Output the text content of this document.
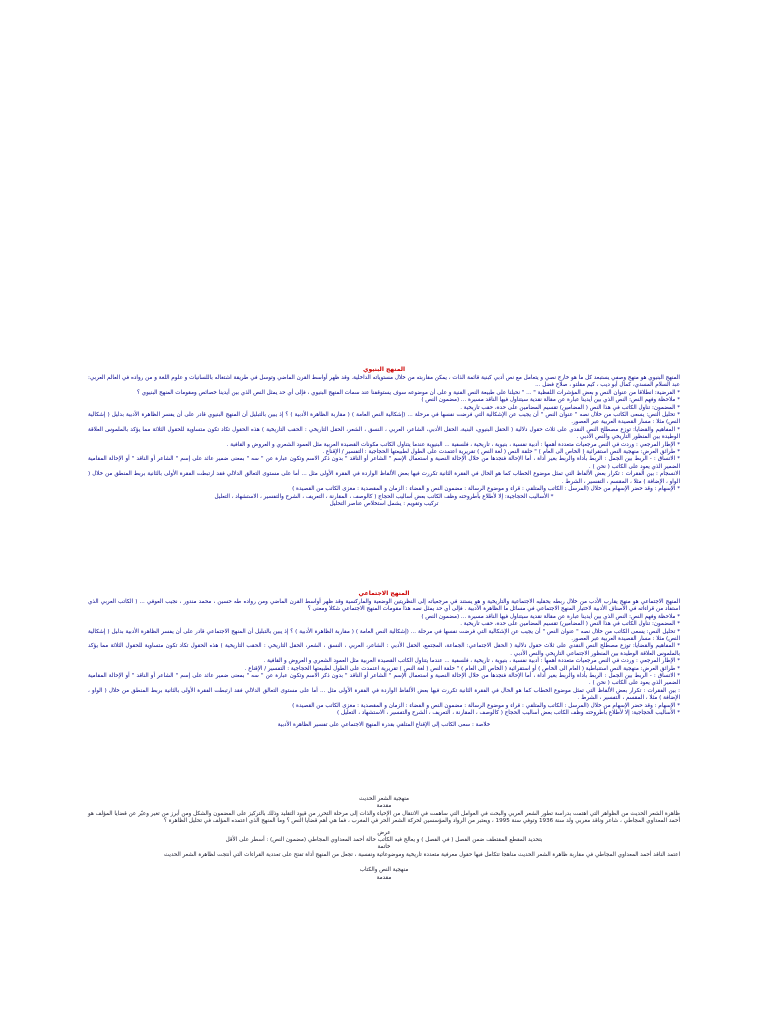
المنهج البنيوي

المنهج البنيوي هو منهج وصفي يستبعد كل ما هو خارج نصي و يتعامل مع نص أدبي كبنية قائمة الذات ، يمكن مقاربته من خلال مستوياته الداخلية. وقد ظهر أواسط القرن الماضي وتوسل في طريقة اشتغاله باللسانيات و علوم اللغة و من رواده في العالم العربي: عبد السلام المسدي، كمال أبو ديب ، كيم مقلتو ، صلاح فضل ...

* الفرضية: انطلاقا من عنوان النص و بعض المؤشرات اللفظية " ... " نحيلنا على طبيعة النص الفنية و على أن موضوعه سوف يستوقفنا عند سمات المنهج البنيوي ، فإلى أي حد يمثل النص الذي بين أيدينا خصائص ومقومات المنهج البنيوي ؟

* ملاحظة وفهم النص: النص الذي بين أيدينا عبارة عن مقالة نقدية سيتناول فيها الناقد مسيرة ... (مضمون النص )

* المضمون: تناول الكاتب في هذا النص ( المضامين) تقسيم المضامين على حدة، حقب تاريخية .

* تحليل النص: يسعى الكاتب من خلال نصه " عنوان النص " أن يجيب عن الإشكالية التي فرضت نفسها في مرحلة ... (إشكالية النص العامة ) ( مقاربة الظاهرة الأدبية ) ؟ إذ يبين بالتبليل أن المنهج البنيوي قادر على أن يفسر الظاهرة الأدبية بدليل ( إشكالية النص) مثلا : مسار القصيدة العربية عبر العصور.

* المفاهيم والقضايا: توزع مصطلح النص النقدي على ثلاث حقول دلالية ( الحقل البنيوي، البنية، الحقل الأدبي، الشاعر، العربي ، النسق ، الشعر، الحقل التاريخي : الحقب التاريخية ) هذه الحقول تكاد تكون متساوية للحقول الثلاثة مما يؤكد بالملموس العلاقة الوطيدة بين المنظور التاريخي والنص الأدبي .

* الإطار المرجعي : وردت في النص مرجعيات متعددة أهمها : أدبية نفسية ، بنيوية ، تاريخية ، فلسفية ... البنيوية عندما يتناول الكاتب مكونات القصيدة العربية مثل العمود الشعري و العروض و القافية .

* طرائق العرض: منهجية النص استقرائية ( الخاص الى العام ) " حلقة النص ( لغة النص ) تقريرية اعتمدت على الطول لطبيعتها الحجاجية : التفسير / الإقناع .

* الاتساق : - الربط بين الجمل : الربط بأداة والربط بغير أداة ، أما الإحالة فنجدها من خلال الإحالة النصية و استعمال الإسم " الشاعر أو الناقد " بدون ذكر الاسم وتكون عبارة عن " سه " بمعنى ضمير عائد على إسم " الشاعر أو الناقد " أو الإحالة المقامية الضمير الذي يعود على الكاتب ( نحن ) .

الانسجام : بين الفقرات : تكرار بعض الألفاظ التي تمثل موضوع الخطاب كما هو الحال في الفقرة الثانية تكررت فيها بعض الألفاظ الواردة في الفقرة الأولى مثل ... أما على مستوى التعالق الدلالي فقد ارتبطت الفقرة الأولى بالثانية بربط المنطق من خلال ( الواو ، الإضافة ) مثلا ، المقسم ، التفسير ، الشرط .

* الإسهام : وقد حضر الإسهام من خلال (المرسل : الكاتب والمتلقي : قراء و موضوع الرسالة : مضمون النص و الفضاء : الزمان و المقصدية : مغزى الكاتب من القصيدة )

* الأساليب الحجاجية: إلا لأطلاع بأطروحته وظف الكاتب بعض أساليب الحجاج ( كالوصف ، المقارنة ، التعريف ، الشرح والتفسير ، الاستشهاد ، التعليل

تركيب وتقويم : يشمل استخلاص عناصر التحليل

المنهج الاجتماعي

المنهج الاجتماعي هو منهج يقارب الأدب من خلال ربطه بحقليه الاجتماعية والتاريخية و هو يستند في مرجعياته إلى النظريتين الوضعية والماركسية وقد ظهر أواسط القرن الماضي ومن رواده طه حسين ، محمد مندور ، نجيب العوفي ... ( الكاتب العربي الذي استفاد من قراءاته في الأصناف الأدبية لاختيار المنهج الاجتماعي في مسائل ما الظاهرة الأدبية . فإلى أي حد يمثل نصه هذا مقومات المنهج الاجتماعي شكلا ومعنى ؟

* ملاحظة وفهم النص: النص الذي بين أيدينا عبارة عن مقالة نقدية سيتناول فيها الناقد مسيرة ... (مضمون النص )

* المضمون: تناول الكاتب في هذا النص ( المضامين) تقسيم المضامين على حدة، حقب تاريخية .

* تحليل النص: يسعى الكاتب من خلال نصه " عنوان النص " أن يجيب عن الإشكالية التي فرضت نفسها في مرحلة ... (إشكالية النص العامة ) ( مقاربة الظاهرة الأدبية ) ؟ إذ يبين بالتبليل أن المنهج الاجتماعي قادر على أن يفسر الظاهرة الأدبية بدليل ( إشكالية النص) مثلا : مسار القصيدة العربية عبر العصور.

* المفاهيم والقضايا: توزع مصطلح النص النقدي على ثلاث حقول دلالية ( الحقل الاجتماعي: الجماعة، المجتمع، الحقل الأدبي : الشاعر، العربي ، النسق ، الشعر، الحقل التاريخي : الحقب التاريخية ) هذه الحقول تكاد تكون متساوية للحقول الثلاثة مما يؤكد بالملموس العلاقة الوطيدة بين المنظور الاجتماعي التاريخي والنص الأدبي .

* الإطار المرجعي : وردت في النص مرجعيات متعددة أهمها : أدبية نفسية ، بنيوية ، تاريخية ، فلسفية ... عندما يتناول الكاتب القصيدة العربية مثل العمود الشعري و العروض و القافية .

* طرائق العرض: منهجية النص استنباطية ( العام الى الخاص ) أو استقرائية ( الخاص الى العام ) " حلقة النص ( لغة النص ) تقريرية اعتمدت على الطول لطبيعتها الحجاجية : التفسير / الإقناع .

* الاتساق : - الربط بين الجمل : الربط بأداة والربط بغير أداة ، أما الإحالة فنجدها من خلال الإحالة النصية و استعمال الإسم " الشاعر أو الناقد " بدون ذكر الاسم وتكون عبارة عن " سه " بمعنى ضمير عائد على إسم " الشاعر أو الناقد " أو الإحالة المقامية الضمير الذي يعود على الكاتب ( نحن ) .

: بين الفقرات : تكرار بعض الألفاظ التي تمثل موضوع الخطاب كما هو الحال في الفقرة الثانية تكررت فيها بعض الألفاظ الواردة في الفقرة الأولى مثل ... أما على مستوى التعالق الدلالي فقد ارتبطت الفقرة الأولى بالثانية بربط المنطق من خلال ( الواو ، الإضافة ) مثلا ، المقسم ، التفسير ، الشرط .

* الإسهام : وقد حضر الإسهام من خلال (المرسل : الكاتب والمتلقي : قراء و موضوع الرسالة : مضمون النص و الفضاء : الزمان و المقصدية : مغزى الكاتب من القصيدة )

* الأساليب الحجاجية: إلا لأطلاع بأطروحته وظف الكاتب بعض أساليب الحجاج ( كالوصف ، المقارنة ، التعريف ، الشرح والتفسير ، الاستشهاد ، التعليل )

خلاصة : سعى الكاتب إلى الإقناع المتلقي بقدرة المنهج الاجتماعي على تفسير الظاهرة الأدبية

منهجية الشعر الحديث

مقدمة

ظاهرة الشعر الحديث من الظواهر التي اهتمت بدراسة تطور الشعر العربي والبحث في العوامل التي ساهمت في الانتقال من الإحياء والذات إلى مرحلة التحرر من قيود التقليد وذلك بالتركيز على المضمون والشكل ومن أبرز من تغير وعبّر عن قضايا المؤلف هو أحمد المعداوي المجاطي ، شاعر وناقد مغربي ولد سنة 1936 وتوفي سنة 1995 ، ويعتبر من الرواد والمؤسسين لحركة الشعر الحر في المغرب ، فما هي أهم قضايا النص ؟ وما المنهج الذي اعتمده المؤلف في تحليل الظاهرة ؟

عرض

بتحديد المقطع المقتطف ضمن الفصل ( في الفصل ) و يعالج فيه الكاتب حالة أحمد المعداوي المجاطي (مضمون النص) : أسطر على الأقل

خاتمة

اعتمد الناقد أحمد المعداوي المجاطي في مقاربة ظاهرة الشعر الحديث مناهجا تتكامل فيها حقول معرفية متعددة تاريخية وموضوعاتية ونفسية ، تجعل من المنهج أداة تفتح على تعددية القراءات التي أنتجت لظاهرة الشعر الحديث

منهجية النص والكتاب

مقدمة
